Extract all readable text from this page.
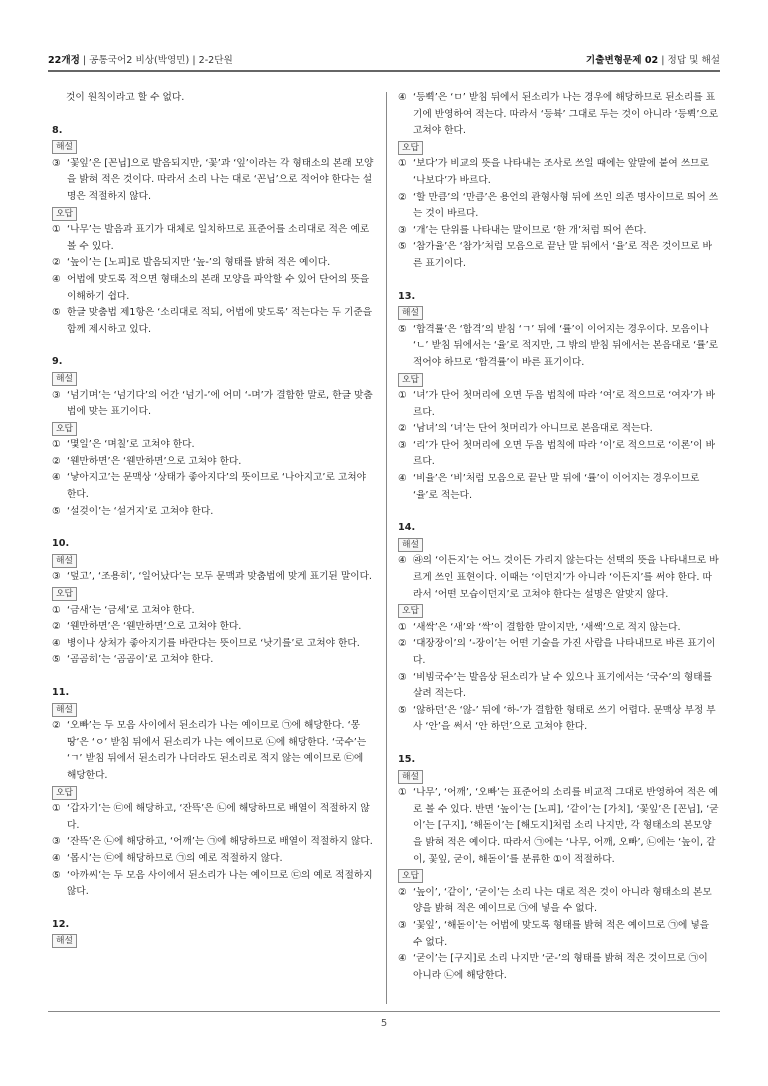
22개정 | 공통국어2 비상(박영민) | 2-2단원	기출변형문제 02 | 정답 및 해설

것이 원칙이라고 할 수 없다.

8.

해설

③ ‘꽃잎’은 [꼰닙]으로 발음되지만, ‘꽃’과 ‘잎’이라는 각 형태소의 본래 모양을 밝혀 적은 것이다. 따라서 소리 나는 대로 ‘꼰닙’으로 적어야 한다는 설명은 적절하지 않다.

오답

① ‘나무’는 발음과 표기가 대체로 일치하므로 표준어를 소리대로 적은 예로 볼 수 있다.

② ‘높이’는 [노피]로 발음되지만 ‘높-’의 형태를 밝혀 적은 예이다.

④ 어법에 맞도록 적으면 형태소의 본래 모양을 파악할 수 있어 단어의 뜻을 이해하기 쉽다.

⑤ 한글 맞춤법 제1항은 ‘소리대로 적되, 어법에 맞도록’ 적는다는 두 기준을 함께 제시하고 있다.

9.

해설

③ ‘넘기며’는 ‘넘기다’의 어간 ‘넘기-’에 어미 ‘-며’가 결합한 말로, 한글 맞춤법에 맞는 표기이다.

오답

① ‘몇일’은 ‘며칠’로 고쳐야 한다.

② ‘웬만하면’은 ‘웬만하면’으로 고쳐야 한다.

④ ‘낳아지고’는 문맥상 ‘상태가 좋아지다’의 뜻이므로 ‘나아지고’로 고쳐야 한다.

⑤ ‘설겆이’는 ‘설거지’로 고쳐야 한다.

10.

해설

③ ‘덮고’, ‘조용히’, ‘일어났다’는 모두 문맥과 맞춤법에 맞게 표기된 말이다.

오답

① ‘금새’는 ‘금세’로 고쳐야 한다.

② ‘웬만하면’은 ‘웬만하면’으로 고쳐야 한다.

④ 병이나 상처가 좋아지기를 바란다는 뜻이므로 ‘낫기를’로 고쳐야 한다.

⑤ ‘곰곰히’는 ‘곰곰이’로 고쳐야 한다.

11.

해설

② ‘오빠’는 두 모음 사이에서 된소리가 나는 예이므로 ㉠에 해당한다. ‘몽땅’은 ‘ㅇ’ 받침 뒤에서 된소리가 나는 예이므로 ㉡에 해당한다. ‘국수’는 ‘ㄱ’ 받침 뒤에서 된소리가 나더라도 된소리로 적지 않는 예이므로 ㉢에 해당한다.

오답

① ‘갑자기’는 ㉢에 해당하고, ‘잔뜩’은 ㉡에 해당하므로 배열이 적절하지 않다.

③ ‘잔뜩’은 ㉡에 해당하고, ‘어깨’는 ㉠에 해당하므로 배열이 적절하지 않다.

④ ‘몹시’는 ㉢에 해당하므로 ㉠의 예로 적절하지 않다.

⑤ ‘아까씨’는 두 모음 사이에서 된소리가 나는 예이므로 ㉢의 예로 적절하지 않다.

12.

해설

④ ‘등쀡’은 ‘ㅁ’ 받침 뒤에서 된소리가 나는 경우에 해당하므로 된소리를 표기에 반영하여 적는다. 따라서 ‘등뷱’ 그대로 두는 것이 아니라 ‘등쀡’으로 고쳐야 한다.

오답

① ‘보다’가 비교의 뜻을 나타내는 조사로 쓰일 때에는 앞말에 붙여 쓰므로 ‘나보다’가 바르다.

② ‘할 만큼’의 ‘만큼’은 용언의 관형사형 뒤에 쓰인 의존 명사이므로 띄어 쓰는 것이 바르다.

③ ‘개’는 단위를 나타내는 말이므로 ‘한 개’처럼 띄어 쓴다.

⑤ ‘참가율’은 ‘참가’처럼 모음으로 끝난 말 뒤에서 ‘율’로 적은 것이므로 바른 표기이다.

13.

해설

⑤ ‘합격률’은 ‘합격’의 받침 ‘ㄱ’ 뒤에 ‘률’이 이어지는 경우이다. 모음이나 ‘ㄴ’ 받침 뒤에서는 ‘율’로 적지만, 그 밖의 받침 뒤에서는 본음대로 ‘률’로 적어야 하므로 ‘합격률’이 바른 표기이다.

오답

① ‘녀’가 단어 첫머리에 오면 두음 법칙에 따라 ‘여’로 적으므로 ‘여자’가 바르다.

② ‘남녀’의 ‘녀’는 단어 첫머리가 아니므로 본음대로 적는다.

③ ‘리’가 단어 첫머리에 오면 두음 법칙에 따라 ‘이’로 적으므로 ‘이론’이 바르다.

④ ‘비율’은 ‘비’처럼 모음으로 끝난 말 뒤에 ‘률’이 이어지는 경우이므로 ‘율’로 적는다.

14.

해설

④ ㉱의 ‘이든지’는 어느 것이든 가리지 않는다는 선택의 뜻을 나타내므로 바르게 쓰인 표현이다. 이때는 ‘이던지’가 아니라 ‘이든지’를 써야 한다. 따라서 ‘어떤 모습이던지’로 고쳐야 한다는 설명은 알맞지 않다.

오답

① ‘새싹’은 ‘새’와 ‘싹’이 결합한 말이지만, ‘새쌕’으로 적지 않는다.

② ‘대장장이’의 ‘-장이’는 어떤 기술을 가진 사람을 나타내므로 바른 표기이다.

③ ‘비빔국수’는 발음상 된소리가 날 수 있으나 표기에서는 ‘국수’의 형태를 살려 적는다.

⑤ ‘않하던’은 ‘않-’ 뒤에 ‘하-’가 결합한 형태로 쓰기 어렵다. 문맥상 부정 부사 ‘안’을 써서 ‘안 하던’으로 고쳐야 한다.

15.

해설

① ‘나무’, ‘어깨’, ‘오빠’는 표준어의 소리를 비교적 그대로 반영하여 적은 예로 볼 수 있다. 반면 ‘높이’는 [노피], ‘같이’는 [가치], ‘꽃잎’은 [꼰닙], ‘굳이’는 [구지], ‘해돋이’는 [해도지]처럼 소리 나지만, 각 형태소의 본모양을 밝혀 적은 예이다. 따라서 ㉠에는 ‘나무, 어깨, 오빠’, ㉡에는 ‘높이, 같이, 꽃잎, 굳이, 해돋이’를 분류한 ①이 적절하다.

오답

② ‘높이’, ‘같이’, ‘굳이’는 소리 나는 대로 적은 것이 아니라 형태소의 본모양을 밝혀 적은 예이므로 ㉠에 넣을 수 없다.

③ ‘꽃잎’, ‘해돋이’는 어법에 맞도록 형태를 밝혀 적은 예이므로 ㉠에 넣을 수 없다.

④ ‘굳이’는 [구지]로 소리 나지만 ‘굳-’의 형태를 밝혀 적은 것이므로 ㉠이 아니라 ㉡에 해당한다.

5
